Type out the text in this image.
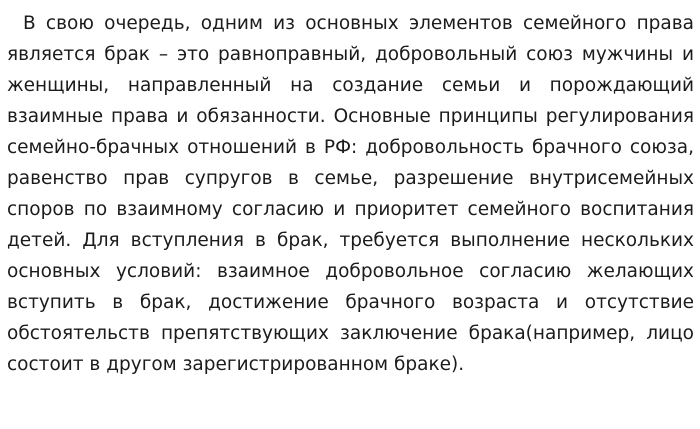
В свою очередь, одним из основных элементов семейного права является брак – это равноправный, добровольный союз мужчины и женщины, направленный на создание семьи и порождающий взаимные права и обязанности. Основные принципы регулирования семейно-брачных отношений в РФ: добровольность брачного союза, равенство прав супругов в семье, разрешение внутрисемейных споров по взаимному согласию и приоритет семейного воспитания детей. Для вступления в брак, требуется выполнение нескольких основных условий: взаимное добровольное согласию желающих вступить в брак, достижение брачного возраста и отсутствие обстоятельств препятствующих заключение брака(например, лицо состоит в другом зарегистрированном браке).
